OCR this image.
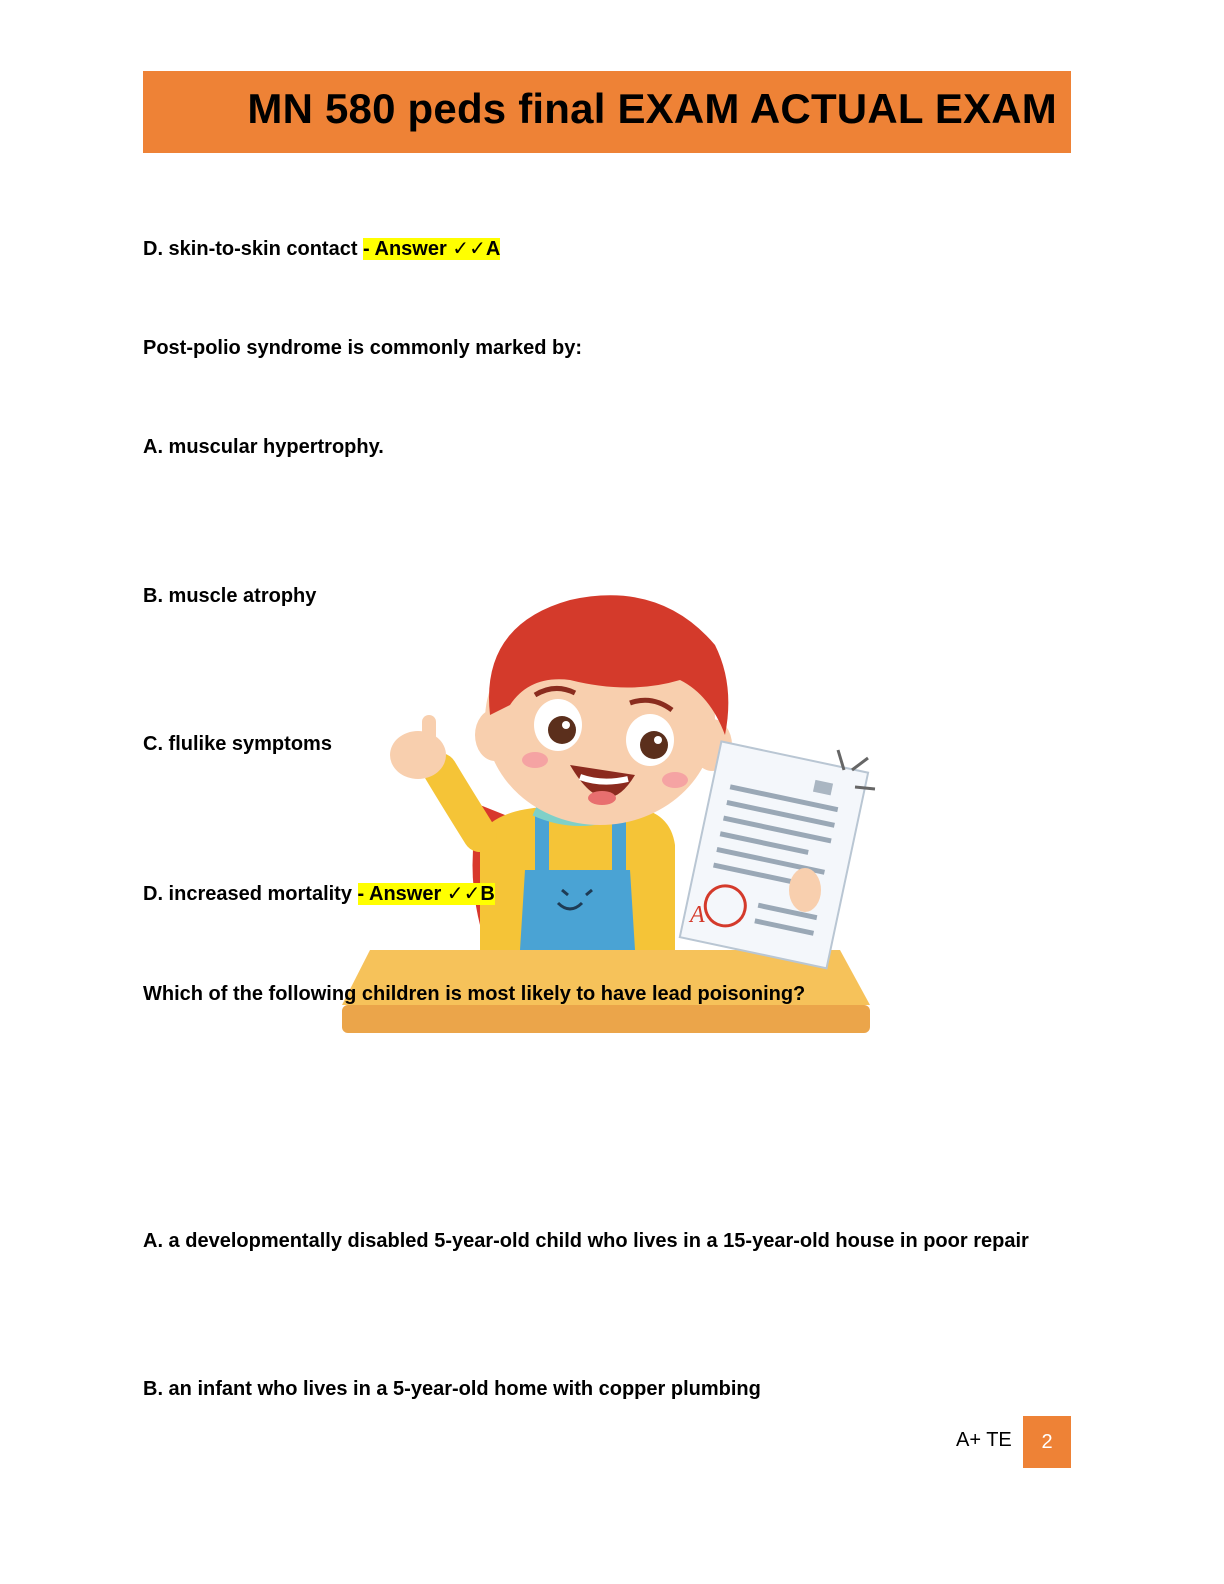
MN 580 peds final EXAM ACTUAL EXAM
A
D. skin-to-skin contact - Answer ✓✓A
Post-polio syndrome is commonly marked by:
A. muscular hypertrophy.
B. muscle atrophy
C. flulike symptoms
D. increased mortality - Answer ✓✓B
Which of the following children is most likely to have lead poisoning?
A. a developmentally disabled 5-year-old child who lives in a 15-year-old house in poor repair
B. an infant who lives in a 5-year-old home with copper plumbing
A+ TE	2
